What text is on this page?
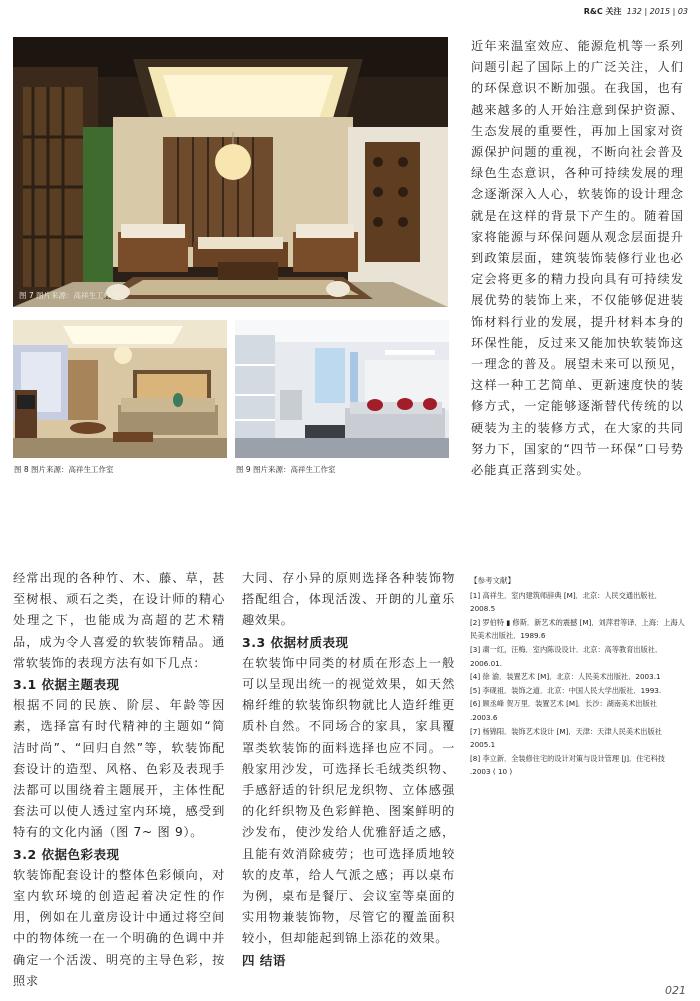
R&C 关注 132 | 2015 | 03
图 7 图片来源：高祥生工作室
图 8 图片来源：高祥生工作室	图 9 图片来源：高祥生工作室

近年来温室效应、能源危机等一系列问题引起了国际上的广泛关注，人们的环保意识不断加强。在我国，也有越来越多的人开始注意到保护资源、生态发展的重要性，再加上国家对资源保护问题的重视，不断向社会普及绿色生态意识，各种可持续发展的理念逐渐深入人心，软装饰的设计理念就是在这样的背景下产生的。随着国家将能源与环保问题从观念层面提升到政策层面，建筑装饰装修行业也必定会将更多的精力投向具有可持续发展优势的装饰上来，不仅能够促进装饰材料行业的发展，提升材料本身的环保性能，反过来又能加快软装饰这一理念的普及。展望未来可以预见，这样一种工艺简单、更新速度快的装修方式，一定能够逐渐替代传统的以硬装为主的装修方式，在大家的共同努力下，国家的“四节一环保”口号势必能真正落到实处。

经常出现的各种竹、木、藤、草，甚至树根、顽石之类，在设计师的精心处理之下，也能成为高超的艺术精品，成为令人喜爱的软装饰精品。通常软装饰的表现方法有如下几点：

3.1 依据主题表现

根据不同的民族、阶层、年龄等因素，选择富有时代精神的主题如“简洁时尚”、“回归自然”等，软装饰配套设计的造型、风格、色彩及表现手法都可以围绕着主题展开，主体性配套法可以使人透过室内环境，感受到特有的文化内涵（图 7~ 图 9）。

3.2 依据色彩表现

软装饰配套设计的整体色彩倾向，对室内软环境的创造起着决定性的作用，例如在儿童房设计中通过将空间中的物体统一在一个明确的色调中并确定一个活泼、明亮的主导色彩，按照求

大同、存小异的原则选择各种装饰物搭配组合，体现活泼、开朗的儿童乐趣效果。

3.3 依据材质表现

在软装饰中同类的材质在形态上一般可以呈现出统一的视觉效果，如天然棉纤维的软装饰织物就比人造纤维更质朴自然。不同场合的家具，家具覆罩类软装饰的面料选择也应不同。一般家用沙发，可选择长毛绒类织物、手感舒适的针织尼龙织物、立体感强的化纤织物及色彩鲜艳、图案鲜明的沙发布，使沙发给人优雅舒适之感，且能有效消除疲劳；也可选择质地较软的皮革，给人气派之感；再以桌布为例，桌布是餐厅、会议室等桌面的实用物兼装饰物，尽管它的覆盖面积较小，但却能起到锦上添花的效果。

四 结语
【参考文献】
[1] 高祥生．室内建筑师辞典 [M]．北京：人民交通出版社．2008.5
[2] 罗伯特 ▮ 修斯．新艺术的震撼 [M]．刘萍君等译．上海：上海人民美术出版社．1989.6
[3] 粛一红，汪梅．室内陈设设计．北京：高等教育出版社．2006.01.
[4] 徐 渝．装置艺术 [M]．北京：人民美术出版社．2003.1
[5] 李砚祖．装饰之道．北京：中国人民大学出版社．1993.
[6] 顾丞峰 贺万里．装置艺术 [M]．长沙：湖南美术出版社 .2003.6
[7] 杨锦阳．装饰艺术设计 [M]．天津：天津人民美术出版社 2005.1
[8] 李立新．全装修住宅的设计对策与设计管理 [J]．住宅科技 .2003 ( 10 )
021
